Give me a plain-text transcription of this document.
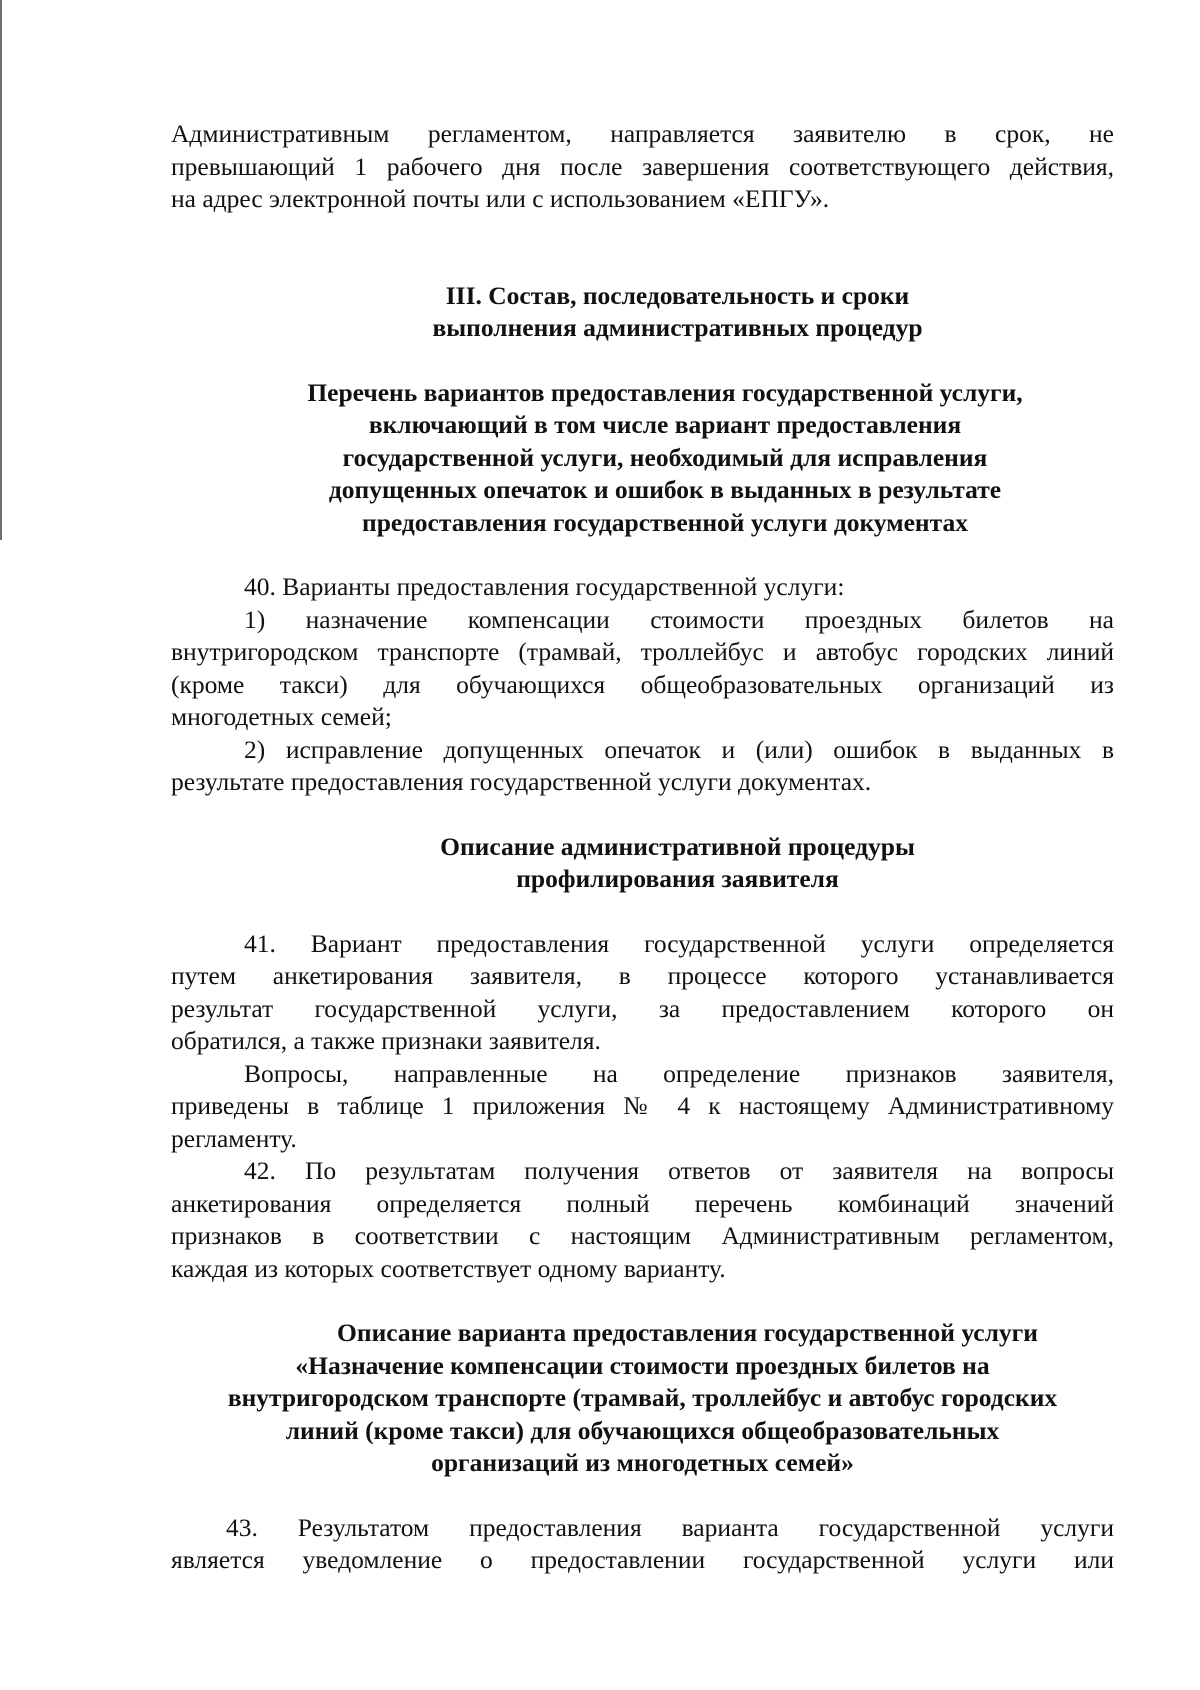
Административным регламентом, направляется заявителю в срок, не
превышающий 1 рабочего дня после завершения соответствующего действия,
на адрес электронной почты или с использованием «ЕПГУ».

III. Состав, последовательность и сроки
выполнения административных процедур
Перечень вариантов предоставления государственной услуги,
включающий в том числе вариант предоставления
государственной услуги, необходимый для исправления
допущенных опечаток и ошибок в выданных в результате
предоставления государственной услуги документах

40. Варианты предоставления государственной услуги:

1) назначение компенсации стоимости проездных билетов на
внутригородском транспорте (трамвай, троллейбус и автобус городских линий
(кроме такси) для обучающихся общеобразовательных организаций из
многодетных семей;

2) исправление допущенных опечаток и (или) ошибок в выданных в
результате предоставления государственной услуги документах.

Описание административной процедуры
профилирования заявителя

41. Вариант предоставления государственной услуги определяется
путем анкетирования заявителя, в процессе которого устанавливается
результат государственной услуги, за предоставлением которого он
обратился, а также признаки заявителя.

Вопросы, направленные на определение признаков заявителя,
приведены в таблице 1 приложения № 4 к настоящему Административному
регламенту.

42. По результатам получения ответов от заявителя на вопросы
анкетирования определяется полный перечень комбинаций значений
признаков в соответствии с настоящим Административным регламентом,
каждая из которых соответствует одному варианту.

Описание варианта предоставления государственной услуги
«Назначение компенсации стоимости проездных билетов на
внутригородском транспорте (трамвай, троллейбус и автобус городских
линий (кроме такси) для обучающихся общеобразовательных
организаций из многодетных семей»

43. Результатом предоставления варианта государственной услуги
является уведомление о предоставлении государственной услуги или
